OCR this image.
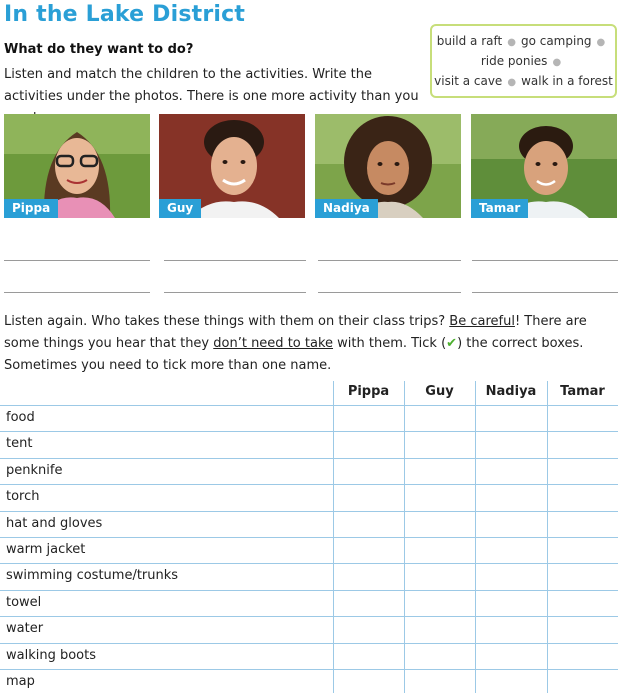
In the Lake District
What do they want to do?
Listen and match the children to the activities. Write the activities under the photos. There is one more activity than you
build a raft ● go camping ●
ride ponies ●
visit a cave ● walk in a forest
Pippa	Guy	Nadiya	Tamar
Listen again. Who takes these things with them on their class trips? Be careful! There are some things you hear that they don’t need to take with them. Tick (✔) the correct boxes. Sometimes you need to tick more than one name.
Pippa	Guy	Nadiya	Tamar
food
tent
penknife
torch
hat and gloves
warm jacket
swimming costume/trunks
towel
water
walking boots
map
